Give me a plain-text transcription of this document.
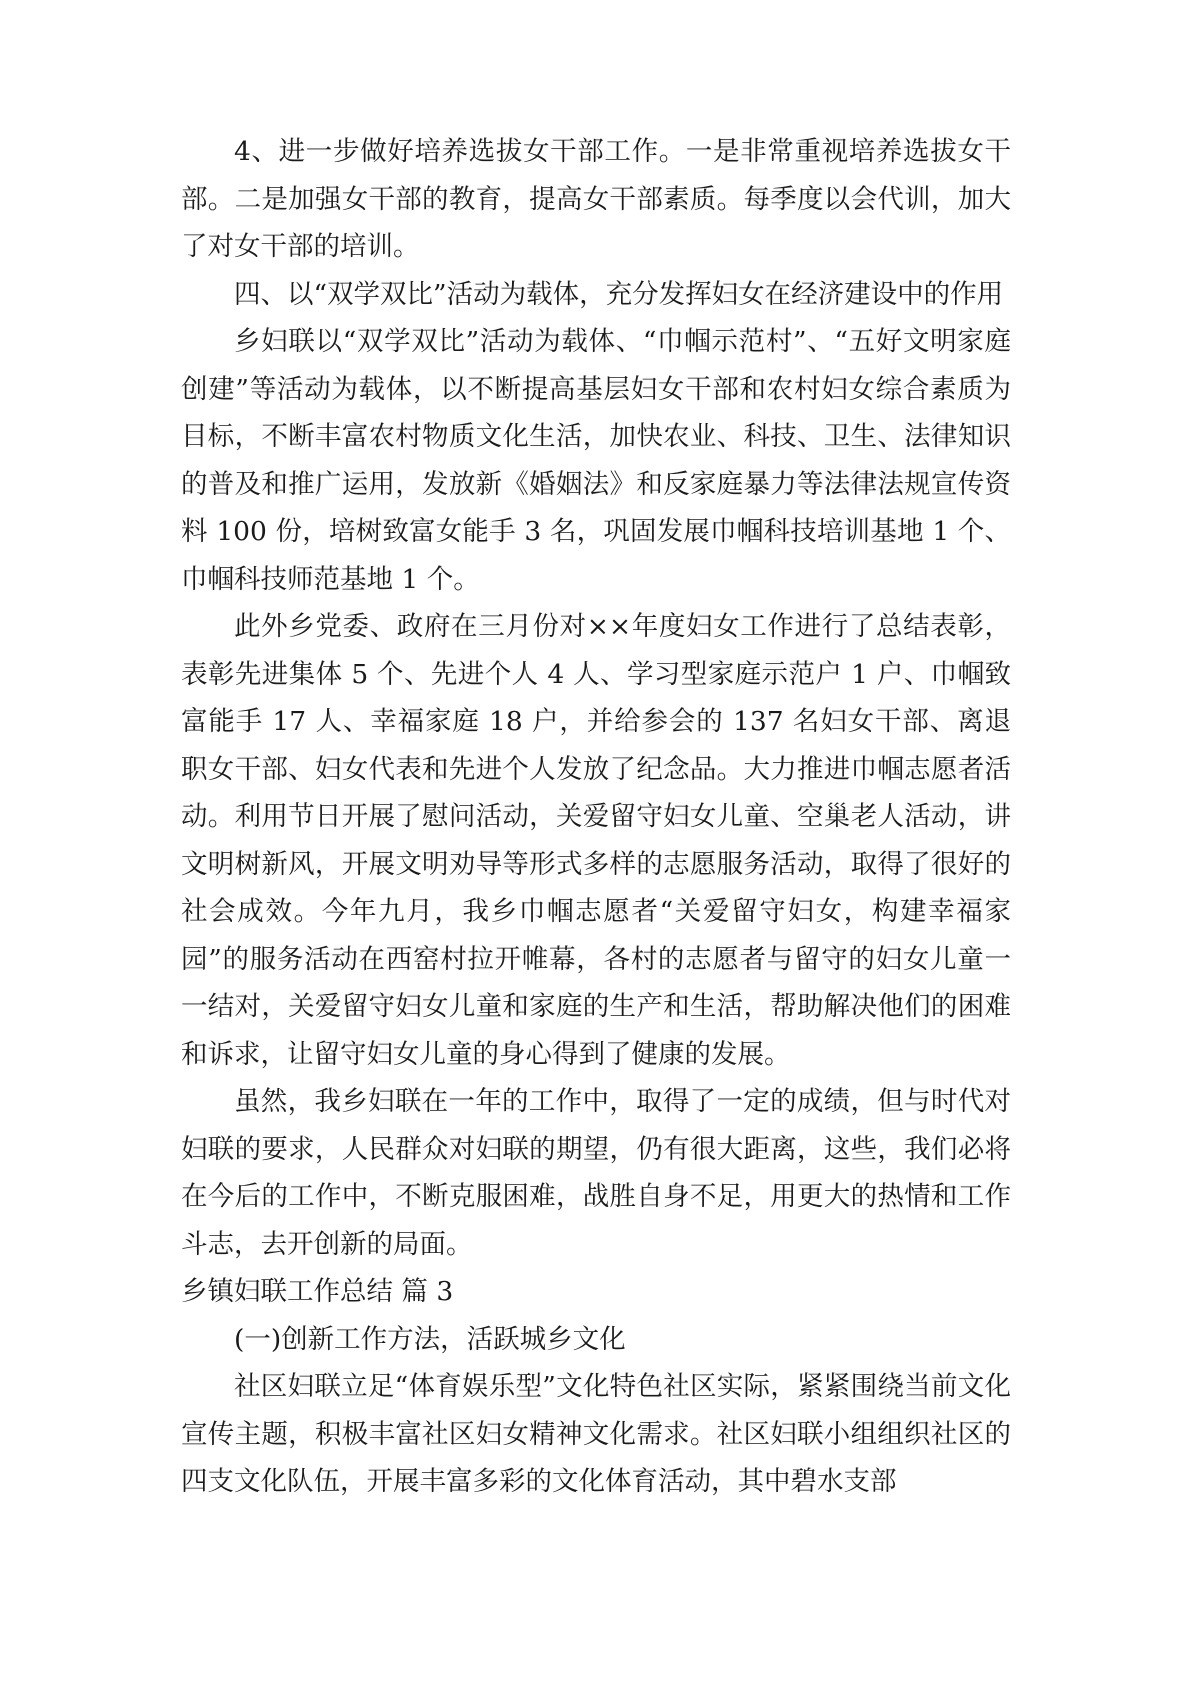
4、进一步做好培养选拔女干部工作。一是非常重视培养选拔女干部。二是加强女干部的教育，提高女干部素质。每季度以会代训，加大了对女干部的培训。

四、以“双学双比”活动为载体，充分发挥妇女在经济建设中的作用

乡妇联以“双学双比”活动为载体、“巾帼示范村”、“五好文明家庭创建”等活动为载体，以不断提高基层妇女干部和农村妇女综合素质为目标，不断丰富农村物质文化生活，加快农业、科技、卫生、法律知识的普及和推广运用，发放新《婚姻法》和反家庭暴力等法律法规宣传资料 100 份，培树致富女能手 3 名，巩固发展巾帼科技培训基地 1 个、巾帼科技师范基地 1 个。

此外乡党委、政府在三月份对××年度妇女工作进行了总结表彰，表彰先进集体 5 个、先进个人 4 人、学习型家庭示范户 1 户、巾帼致富能手 17 人、幸福家庭 18 户，并给参会的 137 名妇女干部、离退职女干部、妇女代表和先进个人发放了纪念品。大力推进巾帼志愿者活动。利用节日开展了慰问活动，关爱留守妇女儿童、空巢老人活动，讲文明树新风，开展文明劝导等形式多样的志愿服务活动，取得了很好的社会成效。今年九月，我乡巾帼志愿者“关爱留守妇女，构建幸福家园”的服务活动在西窑村拉开帷幕，各村的志愿者与留守的妇女儿童一一结对，关爱留守妇女儿童和家庭的生产和生活，帮助解决他们的困难和诉求，让留守妇女儿童的身心得到了健康的发展。

虽然，我乡妇联在一年的工作中，取得了一定的成绩，但与时代对妇联的要求，人民群众对妇联的期望，仍有很大距离，这些，我们必将在今后的工作中，不断克服困难，战胜自身不足，用更大的热情和工作斗志，去开创新的局面。

乡镇妇联工作总结 篇 3

(一)创新工作方法，活跃城乡文化

社区妇联立足“体育娱乐型”文化特色社区实际，紧紧围绕当前文化宣传主题，积极丰富社区妇女精神文化需求。社区妇联小组组织社区的四支文化队伍，开展丰富多彩的文化体育活动，其中碧水支部
